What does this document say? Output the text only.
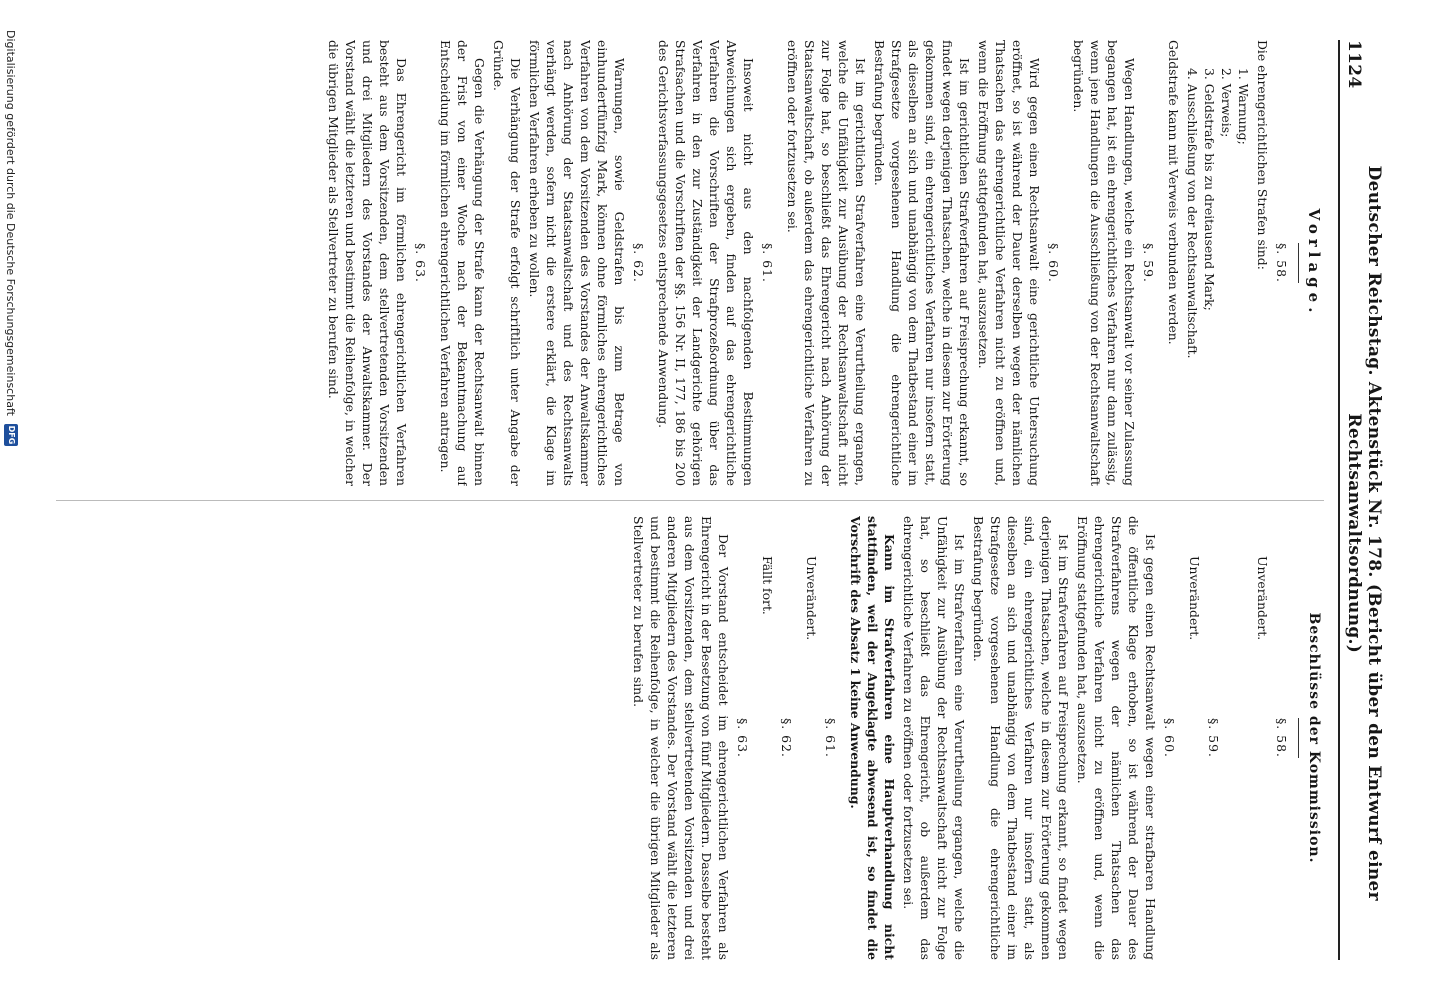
1124
Deutscher Reichstag. Aktenstück Nr. 178. (Bericht über den Entwurf einer Rechtsanwaltsordnung.)
Vorlage.
§. 58.

Die ehrengerichtlichen Strafen sind:

1. Warnung;
2. Verweis;
3. Geldstrafe bis zu dreitausend Mark;
4. Ausschließung von der Rechtsanwaltschaft.

Geldstrafe kann mit Verweis verbunden werden.

§. 59.

Wegen Handlungen, welche ein Rechtsanwalt vor seiner Zulassung begangen hat, ist ein ehrengerichtliches Verfahren nur dann zulässig, wenn jene Handlungen die Ausschließung von der Rechtsanwaltschaft begründen.

§. 60.

Wird gegen einen Rechtsanwalt eine gerichtliche Untersuchung eröffnet, so ist während der Dauer derselben wegen der nämlichen Thatsachen das ehrengerichtliche Verfahren nicht zu eröffnen und, wenn die Eröffnung stattgefunden hat, auszusetzen.

Ist im gerichtlichen Strafverfahren auf Freisprechung erkannt, so findet wegen derjenigen Thatsachen, welche in diesem zur Erörterung gekommen sind, ein ehrengerichtliches Verfahren nur insofern statt, als dieselben an sich und unabhängig von dem Thatbestand einer im Strafgesetze vorgesehenen Handlung die ehrengerichtliche Bestrafung begründen.

Ist im gerichtlichen Strafverfahren eine Verurtheilung ergangen, welche die Unfähigkeit zur Ausübung der Rechtsanwaltschaft nicht zur Folge hat, so beschließt das Ehrengericht nach Anhörung der Staatsanwaltschaft, ob außerdem das ehrengerichtliche Verfahren zu eröffnen oder fortzusetzen sei.

§. 61.

Insoweit nicht aus den nachfolgenden Bestimmungen Abweichungen sich ergeben, finden auf das ehrengerichtliche Verfahren die Vorschriften der Strafprozeßordnung über das Verfahren in den zur Zuständigkeit der Landgerichte gehörigen Strafsachen und die Vorschriften der §§. 156 Nr. II, 177, 186 bis 200 des Gerichtsverfassungsgesetzes entsprechende Anwendung.

§. 62.

Warnungen, sowie Geldstrafen bis zum Betrage von einhundertfünfzig Mark, können ohne förmliches ehrengerichtliches Verfahren von dem Vorsitzenden des Vorstandes der Anwaltskammer nach Anhörung der Staatsanwaltschaft und des Rechtsanwalts verhängt werden, sofern nicht die erstere erklärt, die Klage im förmlichen Verfahren erheben zu wollen.

Die Verhängung der Strafe erfolgt schriftlich unter Angabe der Gründe.

Gegen die Verhängung der Strafe kann der Rechtsanwalt binnen der Frist von einer Woche nach der Bekanntmachung auf Entscheidung im förmlichen ehrengerichtlichen Verfahren antragen.

§. 63.

Das Ehrengericht im förmlichen ehrengerichtlichen Verfahren besteht aus dem Vorsitzenden, dem stellvertretenden Vorsitzenden und drei Mitgliedern des Vorstandes der Anwaltskammer. Der Vorstand wählt die letzteren und bestimmt die Reihenfolge, in welcher die übrigen Mitglieder als Stellvertreter zu berufen sind.

Beschlüsse der Kommission.
§. 58.
Unverändert.
§. 59.
Unverändert.
§. 60.

Ist gegen einen Rechtsanwalt wegen einer strafbaren Handlung die öffentliche Klage erhoben, so ist während der Dauer des Strafverfahrens wegen der nämlichen Thatsachen das ehrengerichtliche Verfahren nicht zu eröffnen und, wenn die Eröffnung stattgefunden hat, auszusetzen.

Ist im Strafverfahren auf Freisprechung erkannt, so findet wegen derjenigen Thatsachen, welche in diesem zur Erörterung gekommen sind, ein ehrengerichtliches Verfahren nur insofern statt, als dieselben an sich und unabhängig von dem Thatbestand einer im Strafgesetze vorgesehenen Handlung die ehrengerichtliche Bestrafung begründen.

Ist im Strafverfahren eine Verurtheilung ergangen, welche die Unfähigkeit zur Ausübung der Rechtsanwaltschaft nicht zur Folge hat, so beschließt das Ehrengericht, ob außerdem das ehrengerichtliche Verfahren zu eröffnen oder fortzusetzen sei.

Kann im Strafverfahren eine Hauptverhandlung nicht stattfinden, weil der Angeklagte abwesend ist, so findet die Vorschrift des Absatz 1 keine Anwendung.

§. 61.
Unverändert.
§. 62.
Fällt fort.
§. 63.

Der Vorstand entscheidet im ehrengerichtlichen Verfahren als Ehrengericht in der Besetzung von fünf Mitgliedern. Dasselbe besteht aus dem Vorsitzenden, dem stellvertretenden Vorsitzenden und drei anderen Mitgliedern des Vorstandes. Der Vorstand wählt die letzteren und bestimmt die Reihenfolge, in welcher die übrigen Mitglieder als Stellvertreter zu berufen sind.

Digitalisierung gefördert durch die Deutsche Forschungsgemeinschaft
DFG
